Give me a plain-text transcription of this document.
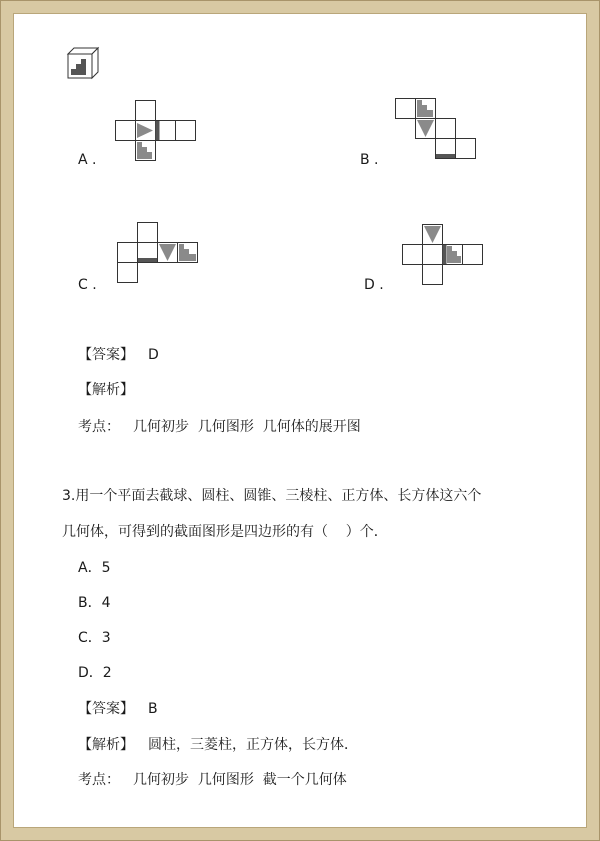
A .	B .
C .	D .
【答案】 D
【解析】
考点： 几何初步  几何图形  几何体的展开图
3.用一个平面去截球、圆柱、圆锥、三棱柱、正方体、长方体这六个
几何体，可得到的截面图形是四边形的有（    ）个．
A．5
B．4
C．3
D．2
【答案】 B
【解析】 圆柱，三菱柱，正方体，长方体．
考点： 几何初步  几何图形  截一个几何体
